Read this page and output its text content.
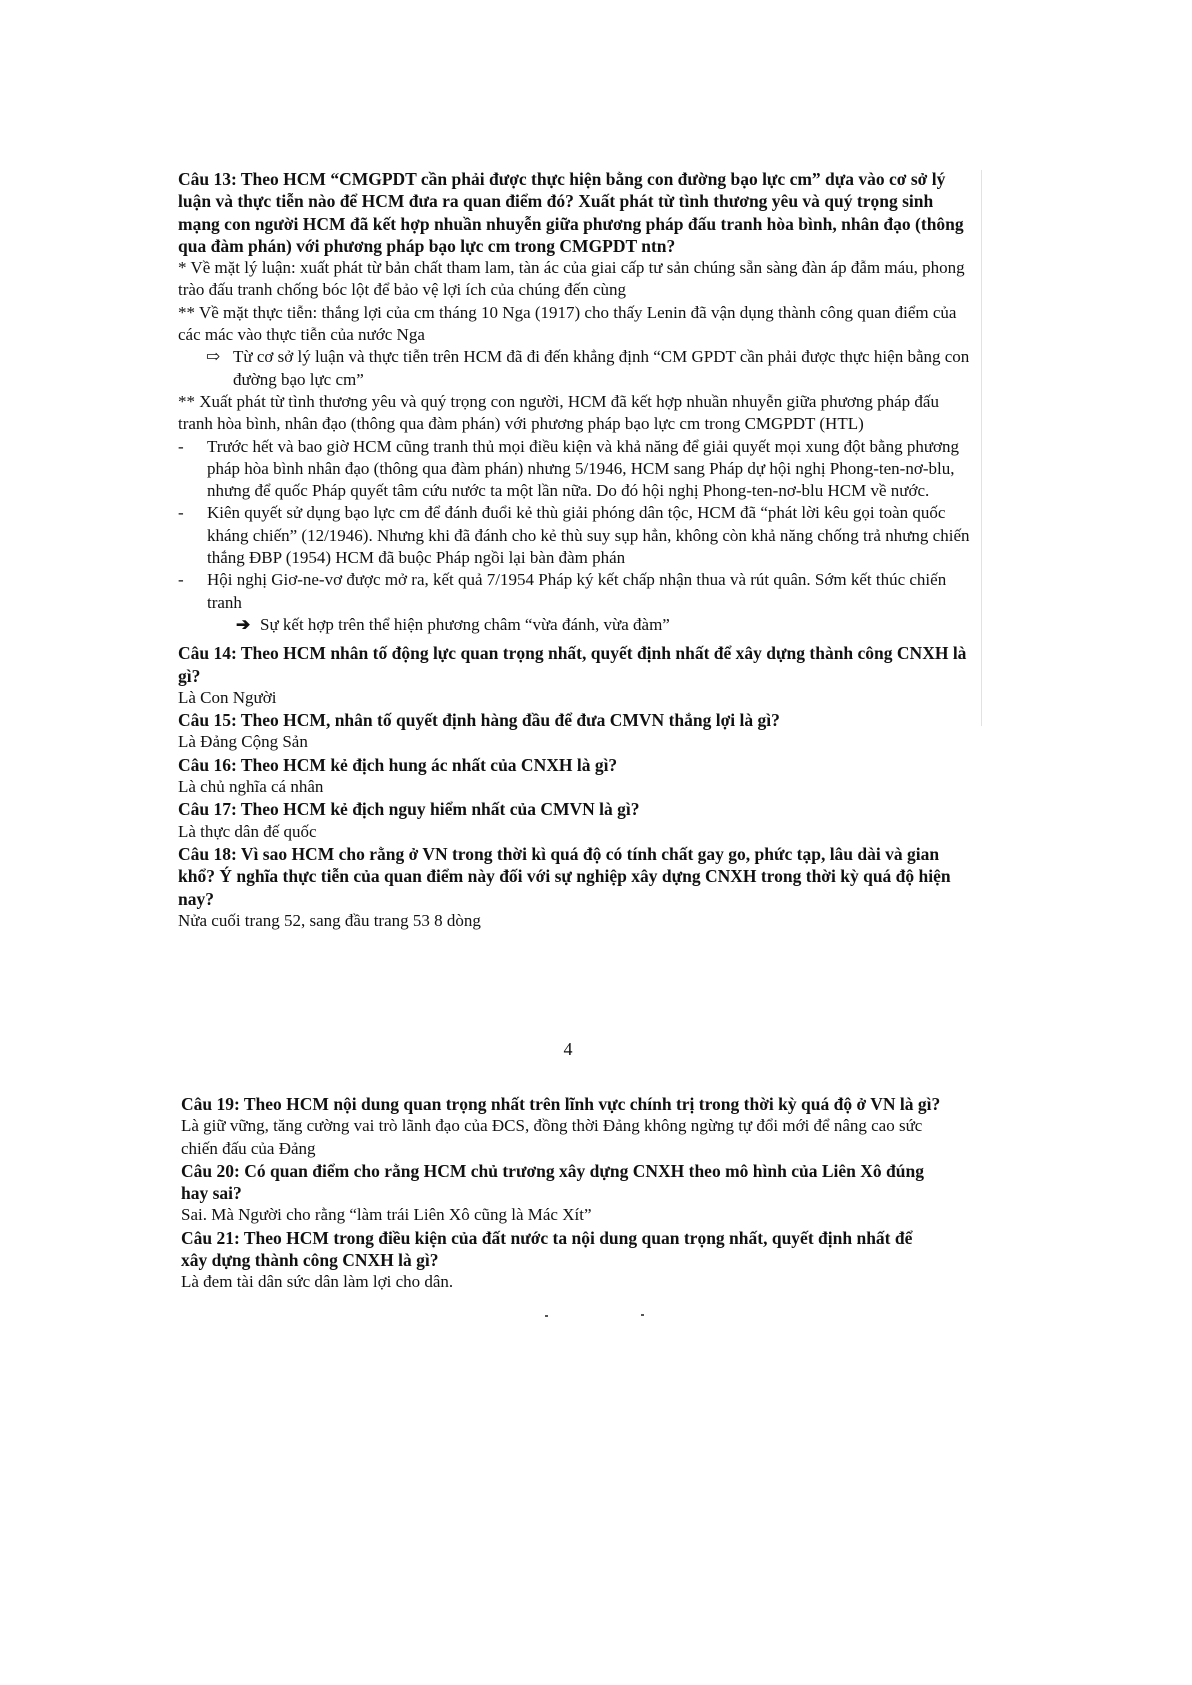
Câu 13: Theo HCM “CMGPDT cần phải được thực hiện bằng con đường bạo lực cm” dựa vào cơ sở lý luận và thực tiễn nào để HCM đưa ra quan điểm đó? Xuất phát từ tình thương yêu và quý trọng sinh mạng con người HCM đã kết hợp nhuần nhuyễn giữa phương pháp đấu tranh hòa bình, nhân đạo (thông qua đàm phán) với phương pháp bạo lực cm trong CMGPDT ntn?

* Về mặt lý luận: xuất phát từ bản chất tham lam, tàn ác của giai cấp tư sản chúng sẵn sàng đàn áp đẫm máu, phong trào đấu tranh chống bóc lột để bảo vệ lợi ích của chúng đến cùng

** Về mặt thực tiễn: thắng lợi của cm tháng 10 Nga (1917) cho thấy Lenin đã vận dụng thành công quan điểm của các mác vào thực tiễn của nước Nga

⇨ Từ cơ sở lý luận và thực tiễn trên HCM đã đi đến khẳng định “CM GPDT cần phải được thực hiện bằng con đường bạo lực cm”

** Xuất phát từ tình thương yêu và quý trọng con người, HCM đã kết hợp nhuần nhuyễn giữa phương pháp đấu tranh hòa bình, nhân đạo (thông qua đàm phán) với phương pháp bạo lực cm trong CMGPDT (HTL)

- Trước hết và bao giờ HCM cũng tranh thủ mọi điều kiện và khả năng để giải quyết mọi xung đột bằng phương pháp hòa bình nhân đạo (thông qua đàm phán) nhưng 5/1946, HCM sang Pháp dự hội nghị Phong-ten-nơ-blu, nhưng để quốc Pháp quyết tâm cứu nước ta một lần nữa. Do đó hội nghị Phong-ten-nơ-blu HCM về nước.

- Kiên quyết sử dụng bạo lực cm để đánh đuổi kẻ thù giải phóng dân tộc, HCM đã “phát lời kêu gọi toàn quốc kháng chiến” (12/1946). Nhưng khi đã đánh cho kẻ thù suy sụp hẳn, không còn khả năng chống trả nhưng chiến thắng ĐBP (1954) HCM đã buộc Pháp ngồi lại bàn đàm phán

- Hội nghị Giơ-ne-vơ được mở ra, kết quả 7/1954 Pháp ký kết chấp nhận thua và rút quân. Sớm kết thúc chiến tranh

➔ Sự kết hợp trên thể hiện phương châm “vừa đánh, vừa đàm”

Câu 14: Theo HCM nhân tố động lực quan trọng nhất, quyết định nhất để xây dựng thành công CNXH là gì?

Là Con Người

Câu 15: Theo HCM, nhân tố quyết định hàng đầu để đưa CMVN thắng lợi là gì?

Là Đảng Cộng Sản

Câu 16: Theo HCM kẻ địch hung ác nhất của CNXH là gì?

Là chủ nghĩa cá nhân

Câu 17: Theo HCM kẻ địch nguy hiểm nhất của CMVN là gì?

Là thực dân đế quốc

Câu 18: Vì sao HCM cho rằng ở VN trong thời kì quá độ có tính chất gay go, phức tạp, lâu dài và gian khổ? Ý nghĩa thực tiễn của quan điểm này đối với sự nghiệp xây dựng CNXH trong thời kỳ quá độ hiện nay?

Nửa cuối trang 52, sang đầu trang 53 8 dòng

4

Câu 19: Theo HCM nội dung quan trọng nhất trên lĩnh vực chính trị trong thời kỳ quá độ ở VN là gì?

Là giữ vững, tăng cường vai trò lãnh đạo của ĐCS, đồng thời Đảng không ngừng tự đổi mới để nâng cao sức chiến đấu của Đảng

Câu 20: Có quan điểm cho rằng HCM chủ trương xây dựng CNXH theo mô hình của Liên Xô đúng hay sai?

Sai. Mà Người cho rằng “làm trái Liên Xô cũng là Mác Xít”

Câu 21: Theo HCM trong điều kiện của đất nước ta nội dung quan trọng nhất, quyết định nhất để xây dựng thành công CNXH là gì?

Là đem tài dân sức dân làm lợi cho dân.
